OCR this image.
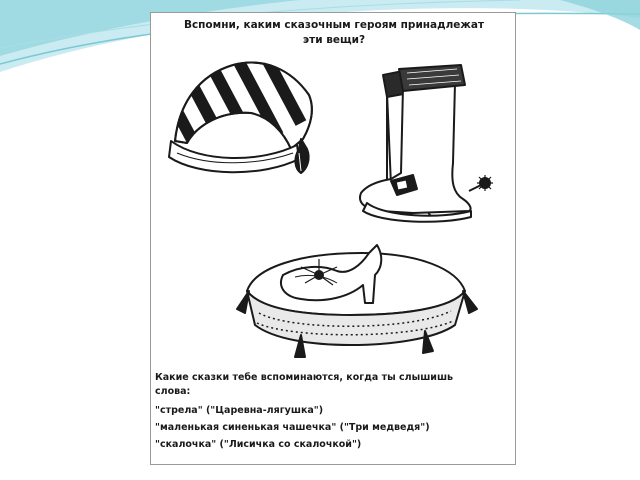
Вспомни, каким сказочным героям принадлежат
эти вещи?
Какие сказки тебе вспоминаются, когда ты слышишь
слова:
"стрела" ("Царевна-лягушка")
"маленькая синенькая чашечка" ("Три медведя")
"скалочка" ("Лисичка со скалочкой")
